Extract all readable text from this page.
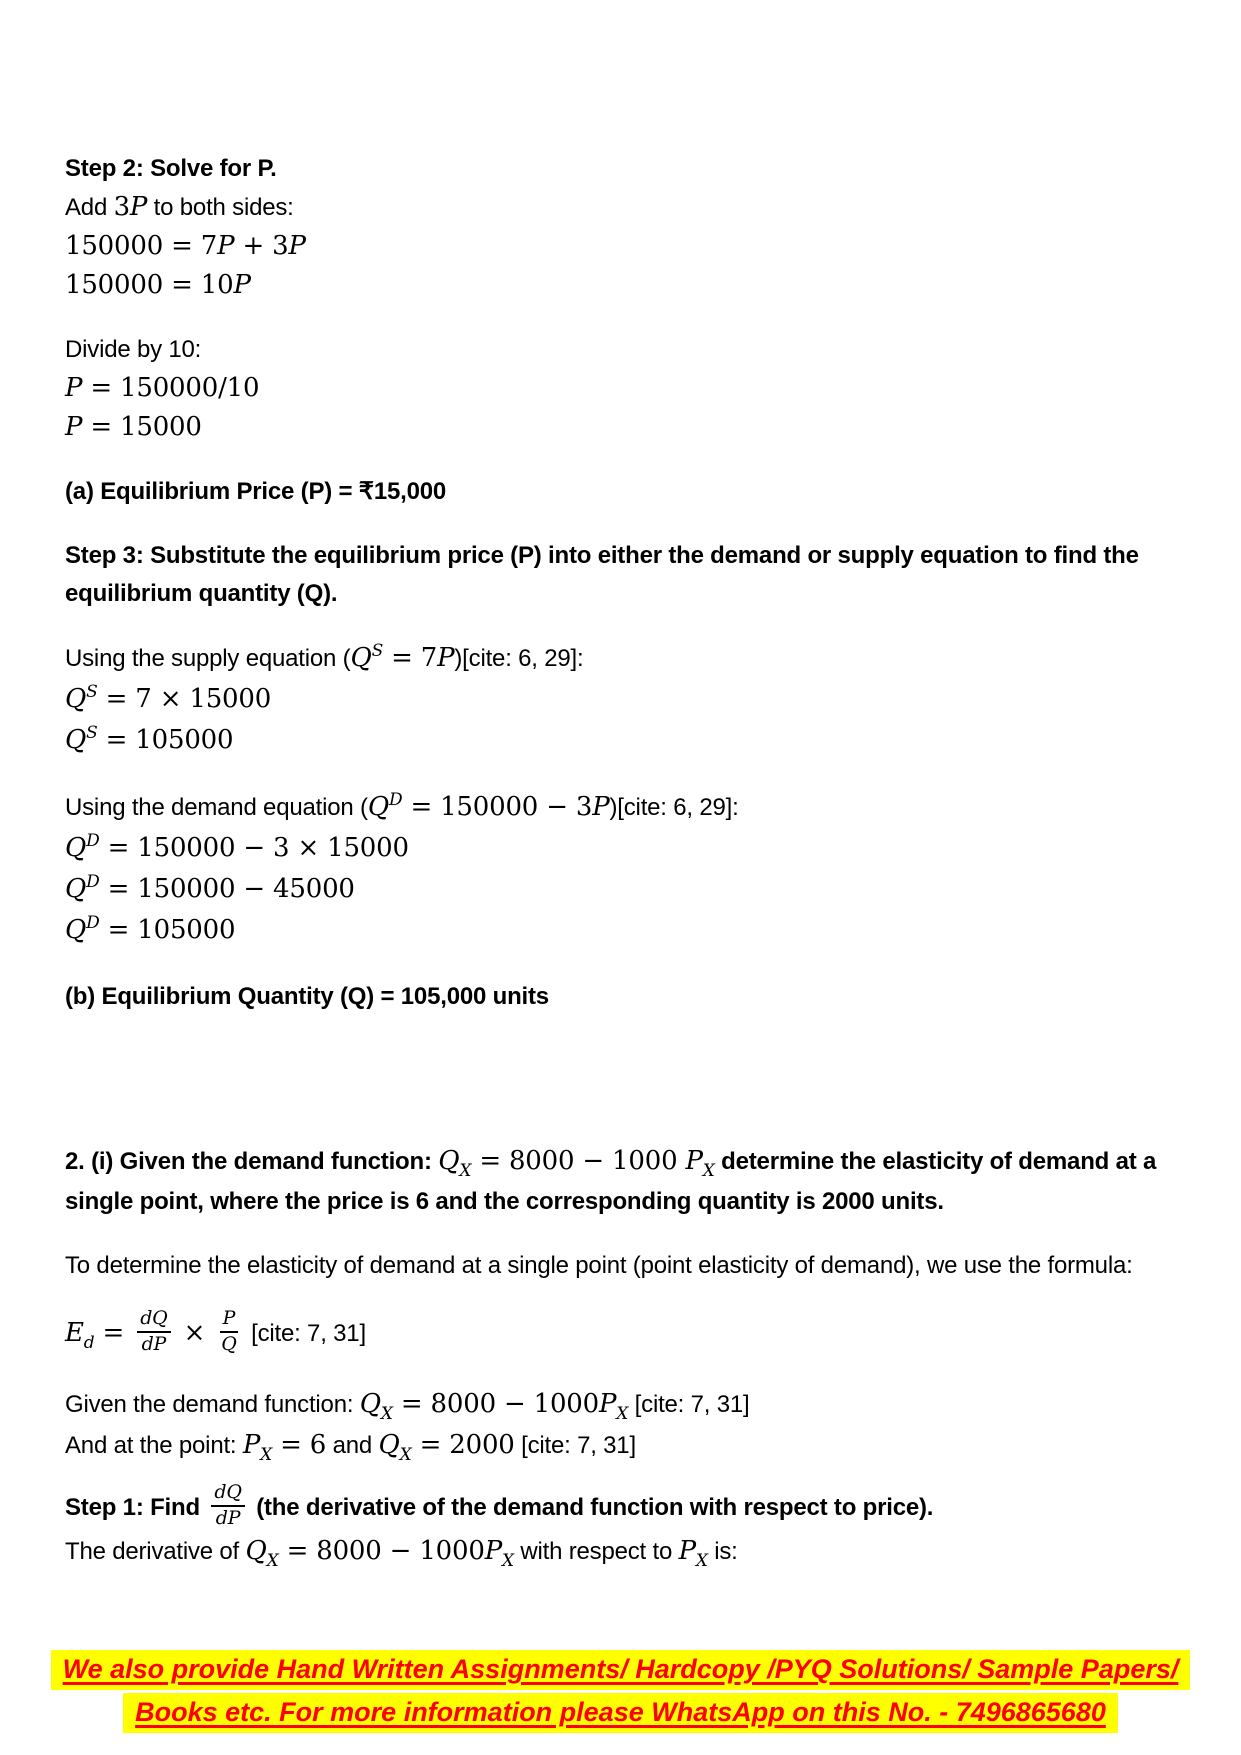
Step 2: Solve for P.
Add 3P to both sides:
150000 = 7P + 3P
150000 = 10P
Divide by 10:
P = 150000/10
P = 15000
(a) Equilibrium Price (P) = ₹15,000
Step 3: Substitute the equilibrium price (P) into either the demand or supply equation to find the equilibrium quantity (Q).
Using the supply equation ($Q^S$ = 7P)[cite: 6, 29]:
$Q^S = 7 \times 15000$
$Q^S = 105000$
Using the demand equation ($Q^D = 150000$ − 3P)[cite: 6, 29]:
$Q^D = 150000 - 3 \times 15000$
$Q^D = 150000 - 45000$
$Q^D = 105000$
(b) Equilibrium Quantity (Q) = 105,000 units
2. (i) Given the demand function: $Q_X = 8000 - 1000$ $P_X$ determine the elasticity of demand at a single point, where the price is 6 and the corresponding quantity is 2000 units.
To determine the elasticity of demand at a single point (point elasticity of demand), we use the formula:
$E_d = \frac{dQ}{dP} \times \frac{P}{Q}$ [cite: 7, 31]
Given the demand function: $Q_X = 8000 - 1000P_X$ [cite: 7, 31]
And at the point: $P_X = 6$ and $Q_X = 2000$ [cite: 7, 31]
Step 1: Find $\frac{dQ}{dP} (the$ derivative of the demand function with respect to price).
The derivative of $Q_X = 8000 - 1000P_X$ with respect to $P_X$ is:
We also provide Hand Written Assignments/ Hardcopy /PYQ Solutions/ Sample Papers/
Books etc. For more information please WhatsApp on this No. - 7496865680
